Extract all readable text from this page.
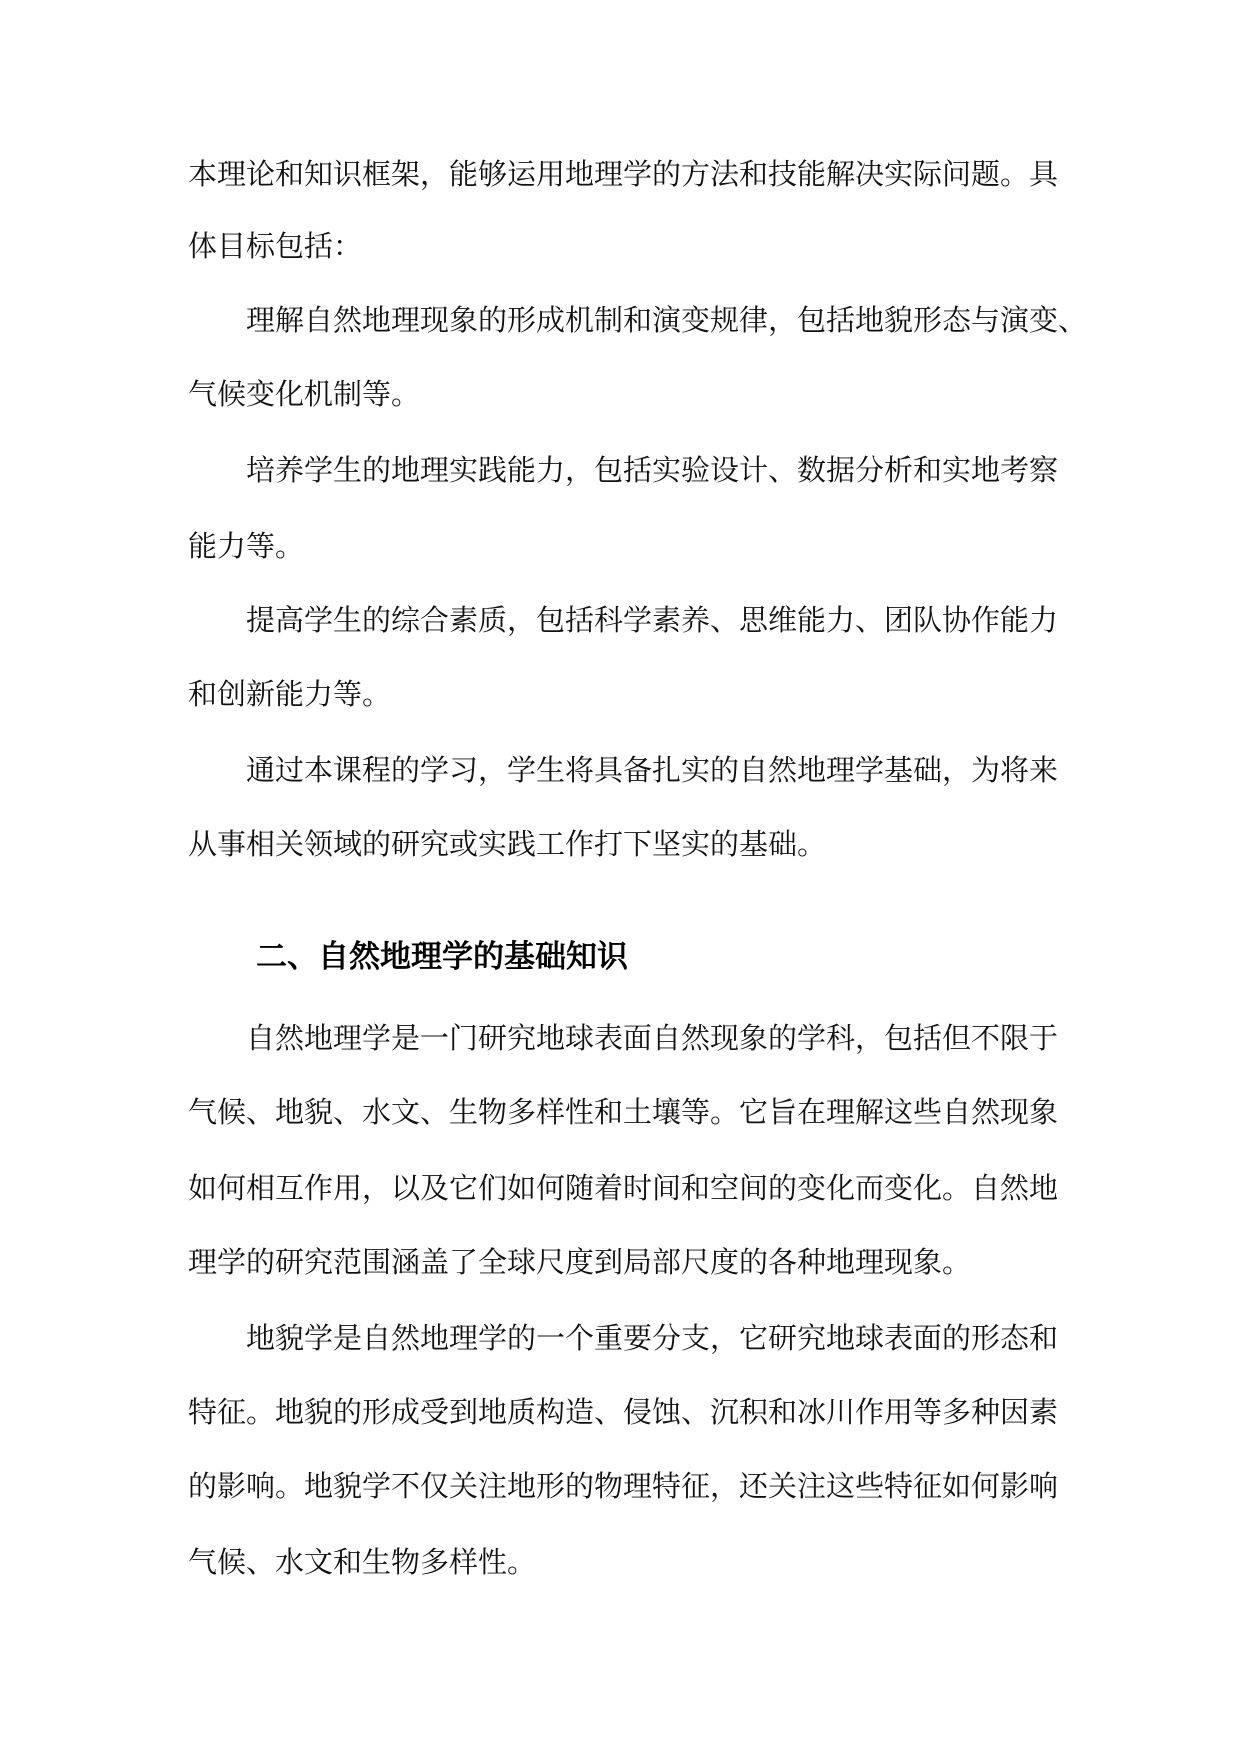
本理论和知识框架，能够运用地理学的方法和技能解决实际问题。具
体目标包括：
理解自然地理现象的形成机制和演变规律，包括地貌形态与演变、
气候变化机制等。
培养学生的地理实践能力，包括实验设计、数据分析和实地考察
能力等。
提高学生的综合素质，包括科学素养、思维能力、团队协作能力
和创新能力等。
通过本课程的学习，学生将具备扎实的自然地理学基础，为将来
从事相关领域的研究或实践工作打下坚实的基础。
二、自然地理学的基础知识
自然地理学是一门研究地球表面自然现象的学科，包括但不限于
气候、地貌、水文、生物多样性和土壤等。它旨在理解这些自然现象
如何相互作用，以及它们如何随着时间和空间的变化而变化。自然地
理学的研究范围涵盖了全球尺度到局部尺度的各种地理现象。
地貌学是自然地理学的一个重要分支，它研究地球表面的形态和
特征。地貌的形成受到地质构造、侵蚀、沉积和冰川作用等多种因素
的影响。地貌学不仅关注地形的物理特征，还关注这些特征如何影响
气候、水文和生物多样性。
